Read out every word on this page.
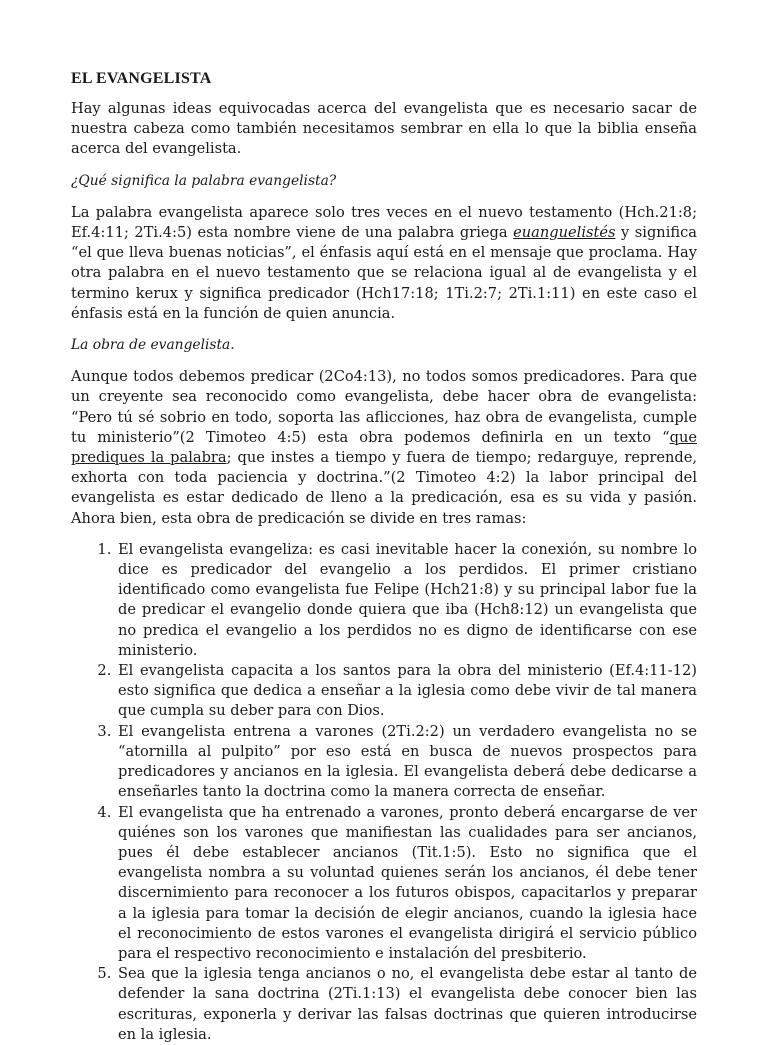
EL EVANGELISTA

Hay algunas ideas equivocadas acerca del evangelista que es necesario sacar de nuestra cabeza como también necesitamos sembrar en ella lo que la biblia enseña acerca del evangelista.

¿Qué significa la palabra evangelista?

La palabra evangelista aparece solo tres veces en el nuevo testamento (Hch.21:8; Ef.4:11; 2Ti.4:5) esta nombre viene de una palabra griega euanguelistés y significa “el que lleva buenas noticias”, el énfasis aquí está en el mensaje que proclama. Hay otra palabra en el nuevo testamento que se relaciona igual al de evangelista y el termino kerux y significa predicador (Hch17:18; 1Ti.2:7; 2Ti.1:11) en este caso el énfasis está en la función de quien anuncia.

La obra de evangelista.

Aunque todos debemos predicar (2Co4:13), no todos somos predicadores. Para que un creyente sea reconocido como evangelista, debe hacer obra de evangelista: “Pero tú sé sobrio en todo, soporta las aflicciones, haz obra de evangelista, cumple tu ministerio”(2 Timoteo 4:5) esta obra podemos definirla en un texto “que prediques la palabra; que instes a tiempo y fuera de tiempo; redarguye, reprende, exhorta con toda paciencia y doctrina.”(2 Timoteo 4:2) la labor principal del evangelista es estar dedicado de lleno a la predicación, esa es su vida y pasión. Ahora bien, esta obra de predicación se divide en tres ramas:

1. El evangelista evangeliza: es casi inevitable hacer la conexión, su nombre lo dice es predicador del evangelio a los perdidos. El primer cristiano identificado como evangelista fue Felipe (Hch21:8) y su principal labor fue la de predicar el evangelio donde quiera que iba (Hch8:12) un evangelista que no predica el evangelio a los perdidos no es digno de identificarse con ese ministerio.
2. El evangelista capacita a los santos para la obra del ministerio (Ef.4:11-12) esto significa que dedica a enseñar a la iglesia como debe vivir de tal manera que cumpla su deber para con Dios.
3. El evangelista entrena a varones (2Ti.2:2) un verdadero evangelista no se “atornilla al pulpito” por eso está en busca de nuevos prospectos para predicadores y ancianos en la iglesia. El evangelista deberá debe dedicarse a enseñarles tanto la doctrina como la manera correcta de enseñar.
4. El evangelista que ha entrenado a varones, pronto deberá encargarse de ver quiénes son los varones que manifiestan las cualidades para ser ancianos, pues él debe establecer ancianos (Tit.1:5). Esto no significa que el evangelista nombra a su voluntad quienes serán los ancianos, él debe tener discernimiento para reconocer a los futuros obispos, capacitarlos y preparar a la iglesia para tomar la decisión de elegir ancianos, cuando la iglesia hace el reconocimiento de estos varones el evangelista dirigirá el servicio público para el respectivo reconocimiento e instalación del presbiterio.
5. Sea que la iglesia tenga ancianos o no, el evangelista debe estar al tanto de defender la sana doctrina (2Ti.1:13) el evangelista debe conocer bien las escrituras, exponerla y derivar las falsas doctrinas que quieren introducirse en la iglesia.
